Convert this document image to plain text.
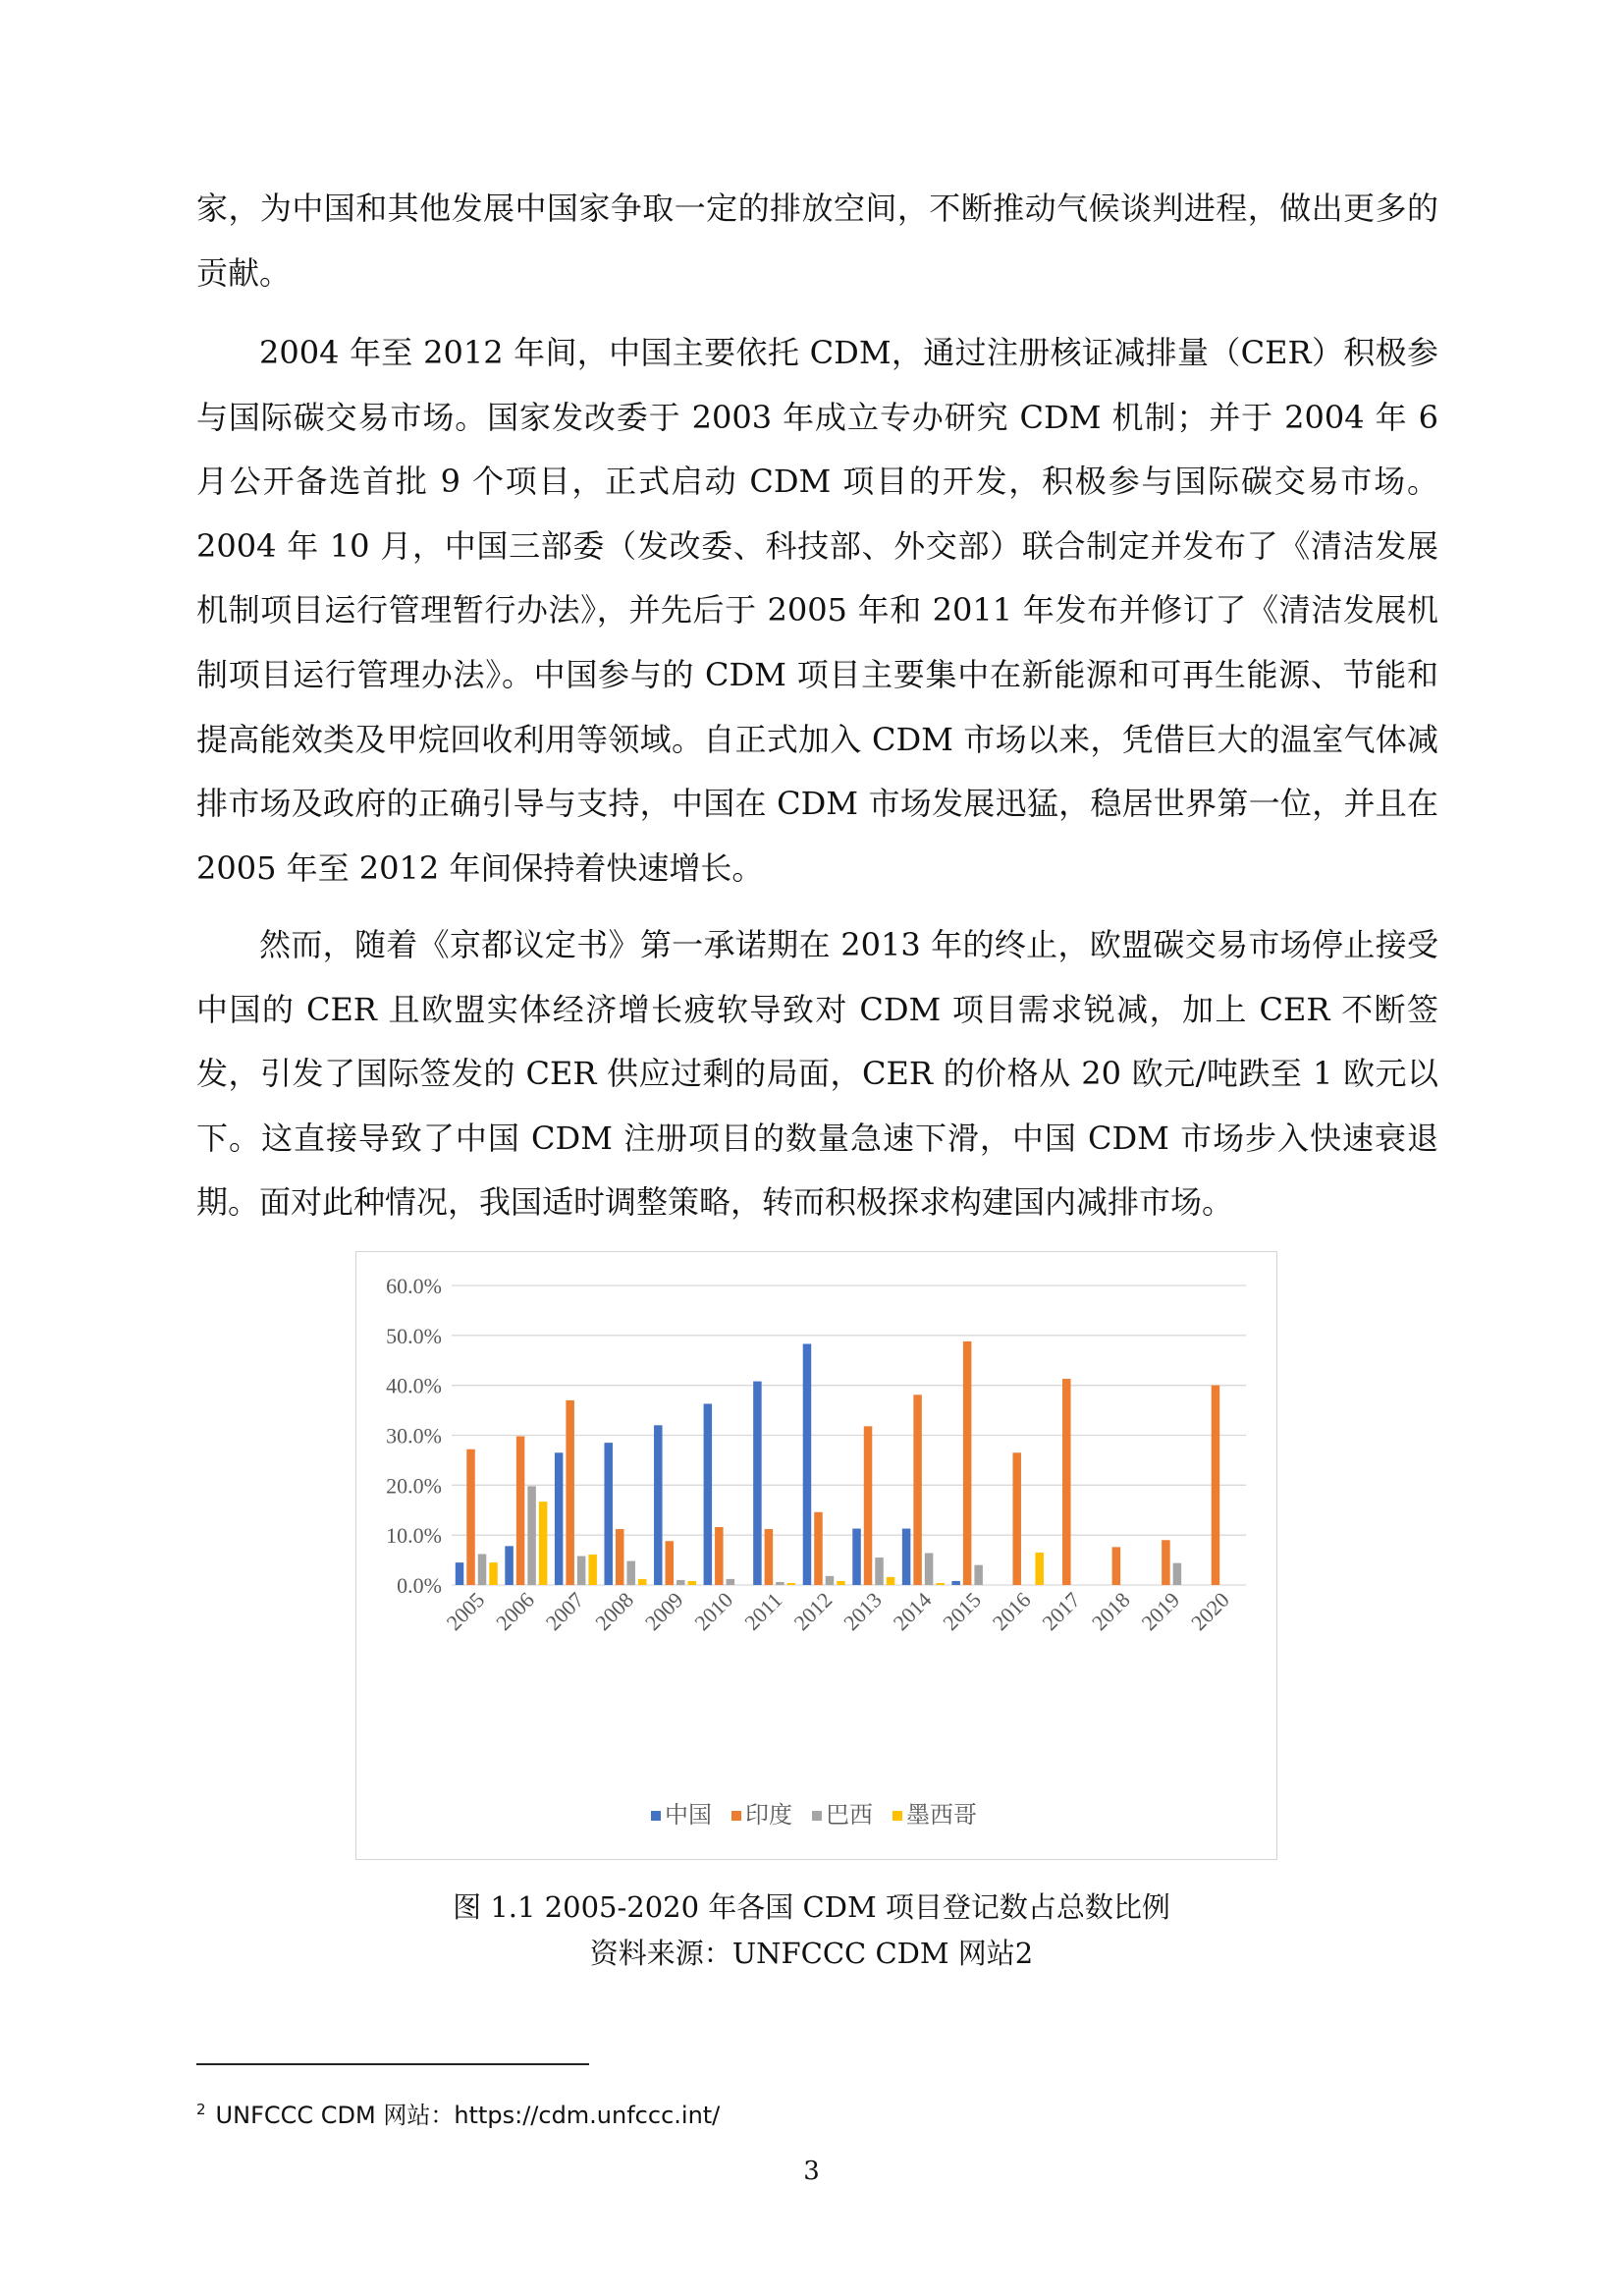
家，为中国和其他发展中国家争取一定的排放空间，不断推动气候谈判进程，做出更多的贡献。

2004 年至 2012 年间，中国主要依托 CDM，通过注册核证减排量（CER）积极参与国际碳交易市场。国家发改委于 2003 年成立专办研究 CDM 机制；并于 2004 年 6 月公开备选首批 9 个项目，正式启动 CDM 项目的开发，积极参与国际碳交易市场。2004 年 10 月，中国三部委（发改委、科技部、外交部）联合制定并发布了《清洁发展机制项目运行管理暂行办法》，并先后于 2005 年和 2011 年发布并修订了《清洁发展机制项目运行管理办法》。中国参与的 CDM 项目主要集中在新能源和可再生能源、节能和提高能效类及甲烷回收利用等领域。自正式加入 CDM 市场以来，凭借巨大的温室气体减排市场及政府的正确引导与支持，中国在 CDM 市场发展迅猛，稳居世界第一位，并且在 2005 年至 2012 年间保持着快速增长。

然而，随着《京都议定书》第一承诺期在 2013 年的终止，欧盟碳交易市场停止接受中国的 CER 且欧盟实体经济增长疲软导致对 CDM 项目需求锐减，加上 CER 不断签发，引发了国际签发的 CER 供应过剩的局面，CER 的价格从 20 欧元/吨跌至 1 欧元以下。这直接导致了中国 CDM 注册项目的数量急速下滑，中国 CDM 市场步入快速衰退期。面对此种情况，我国适时调整策略，转而积极探求构建国内减排市场。

0.0%
10.0%
20.0%
30.0%
40.0%
50.0%
60.0%
2005 2006 2007 2008 2009 2010 2011 2012 2013 2014 2015 2016 2017 2018 2019 2020
中国 印度 巴西 墨西哥

图 1.1 2005-2020 年各国 CDM 项目登记数占总数比例

资料来源：UNFCCC CDM 网站2

$^2$ UNFCCC CDM 网站：https://cdm.unfccc.int/

3
